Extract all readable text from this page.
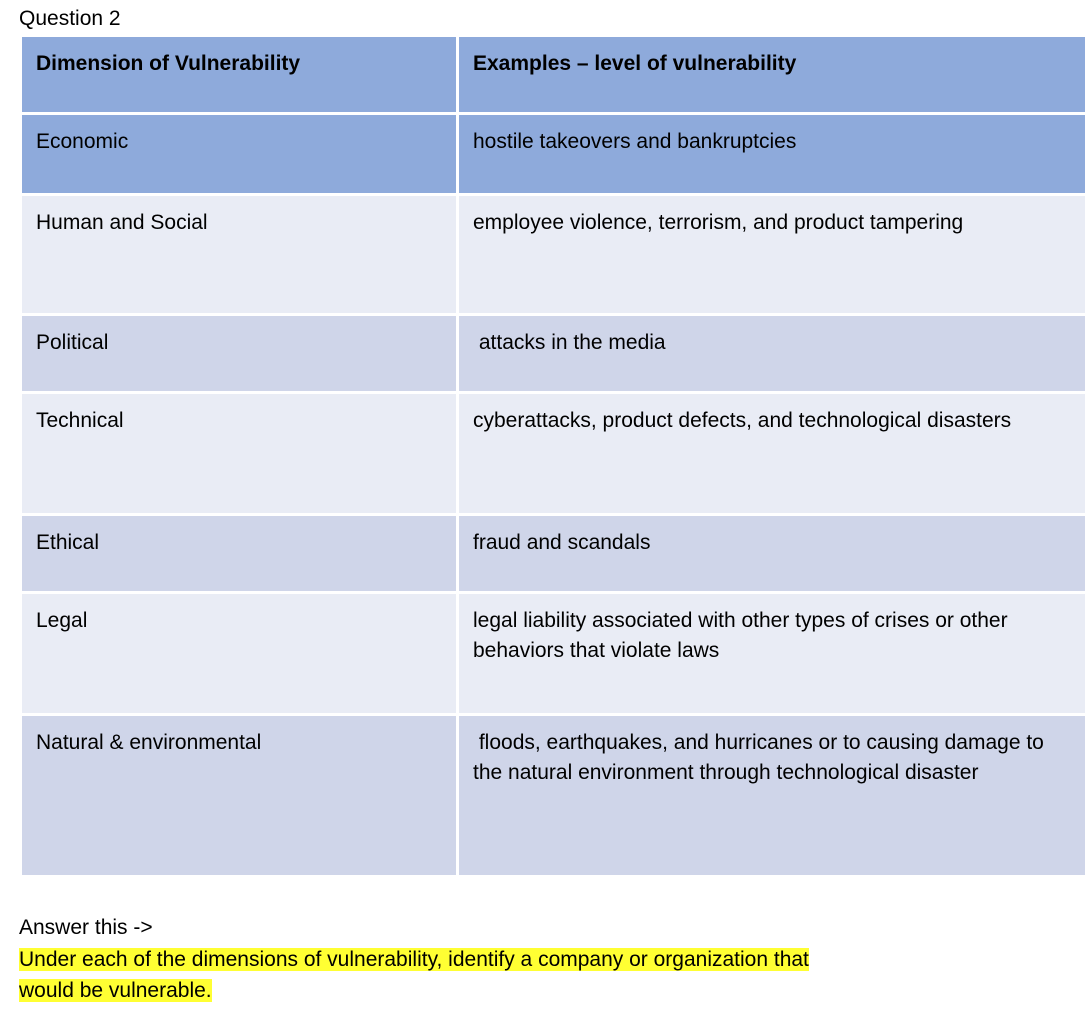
Question 2
Dimension of Vulnerability	Examples – level of vulnerability
Economic	hostile takeovers and bankruptcies
Human and Social	employee violence, terrorism, and product tampering
Political	attacks in the media
Technical	cyberattacks, product defects, and technological disasters
Ethical	fraud and scandals
Legal	legal liability associated with other types of crises or other behaviors that violate laws
Natural & environmental	floods, earthquakes, and hurricanes or to causing damage to the natural environment through technological disaster
Answer this ->
Under each of the dimensions of vulnerability, identify a company or organization that
would be vulnerable.
